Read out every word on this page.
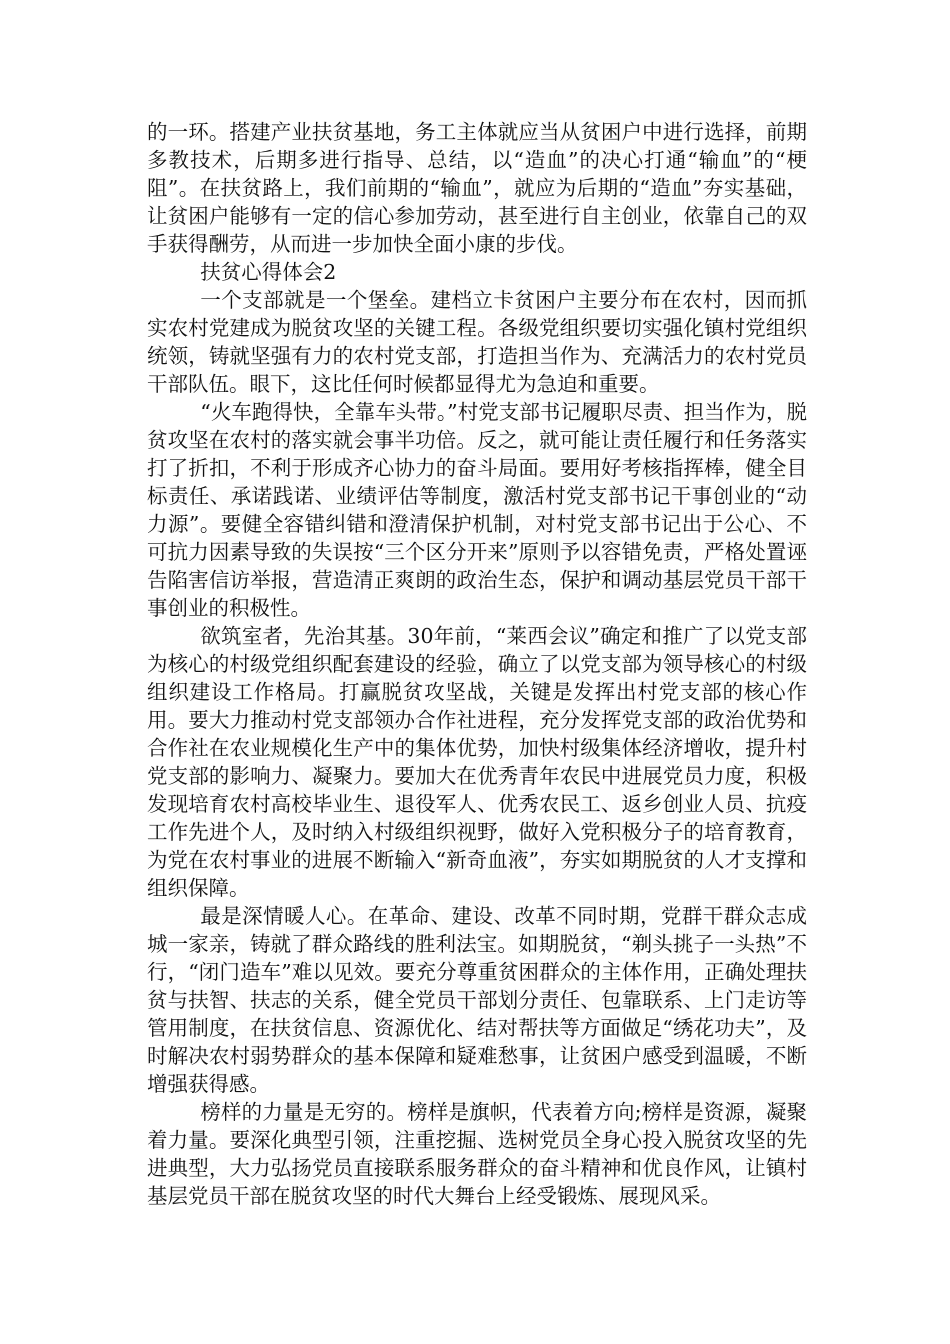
的一环。搭建产业扶贫基地，务工主体就应当从贫困户中进行选择，前期多教技术，后期多进行指导、总结，以“造血”的决心打通“输血”的“梗阻”。在扶贫路上，我们前期的“输血”，就应为后期的“造血”夯实基础，让贫困户能够有一定的信心参加劳动，甚至进行自主创业，依靠自己的双手获得酬劳，从而进一步加快全面小康的步伐。

扶贫心得体会2

一个支部就是一个堡垒。建档立卡贫困户主要分布在农村，因而抓实农村党建成为脱贫攻坚的关键工程。各级党组织要切实强化镇村党组织统领，铸就坚强有力的农村党支部，打造担当作为、充满活力的农村党员干部队伍。眼下，这比任何时候都显得尤为急迫和重要。

“火车跑得快，全靠车头带。”村党支部书记履职尽责、担当作为，脱贫攻坚在农村的落实就会事半功倍。反之，就可能让责任履行和任务落实打了折扣，不利于形成齐心协力的奋斗局面。要用好考核指挥棒，健全目标责任、承诺践诺、业绩评估等制度，激活村党支部书记干事创业的“动力源”。要健全容错纠错和澄清保护机制，对村党支部书记出于公心、不可抗力因素导致的失误按“三个区分开来”原则予以容错免责，严格处置诬告陷害信访举报，营造清正爽朗的政治生态，保护和调动基层党员干部干事创业的积极性。

欲筑室者，先治其基。30年前，“莱西会议”确定和推广了以党支部为核心的村级党组织配套建设的经验，确立了以党支部为领导核心的村级组织建设工作格局。打赢脱贫攻坚战，关键是发挥出村党支部的核心作用。要大力推动村党支部领办合作社进程，充分发挥党支部的政治优势和合作社在农业规模化生产中的集体优势，加快村级集体经济增收，提升村党支部的影响力、凝聚力。要加大在优秀青年农民中进展党员力度，积极发现培育农村高校毕业生、退役军人、优秀农民工、返乡创业人员、抗疫工作先进个人，及时纳入村级组织视野，做好入党积极分子的培育教育，为党在农村事业的进展不断输入“新奇血液”，夯实如期脱贫的人才支撑和组织保障。

最是深情暖人心。在革命、建设、改革不同时期，党群干群众志成城一家亲，铸就了群众路线的胜利法宝。如期脱贫，“剃头挑子一头热”不行，“闭门造车”难以见效。要充分尊重贫困群众的主体作用，正确处理扶贫与扶智、扶志的关系，健全党员干部划分责任、包靠联系、上门走访等管用制度，在扶贫信息、资源优化、结对帮扶等方面做足“绣花功夫”，及时解决农村弱势群众的基本保障和疑难愁事，让贫困户感受到温暖，不断增强获得感。

榜样的力量是无穷的。榜样是旗帜，代表着方向;榜样是资源，凝聚着力量。要深化典型引领，注重挖掘、选树党员全身心投入脱贫攻坚的先进典型，大力弘扬党员直接联系服务群众的奋斗精神和优良作风，让镇村基层党员干部在脱贫攻坚的时代大舞台上经受锻炼、展现风采。
